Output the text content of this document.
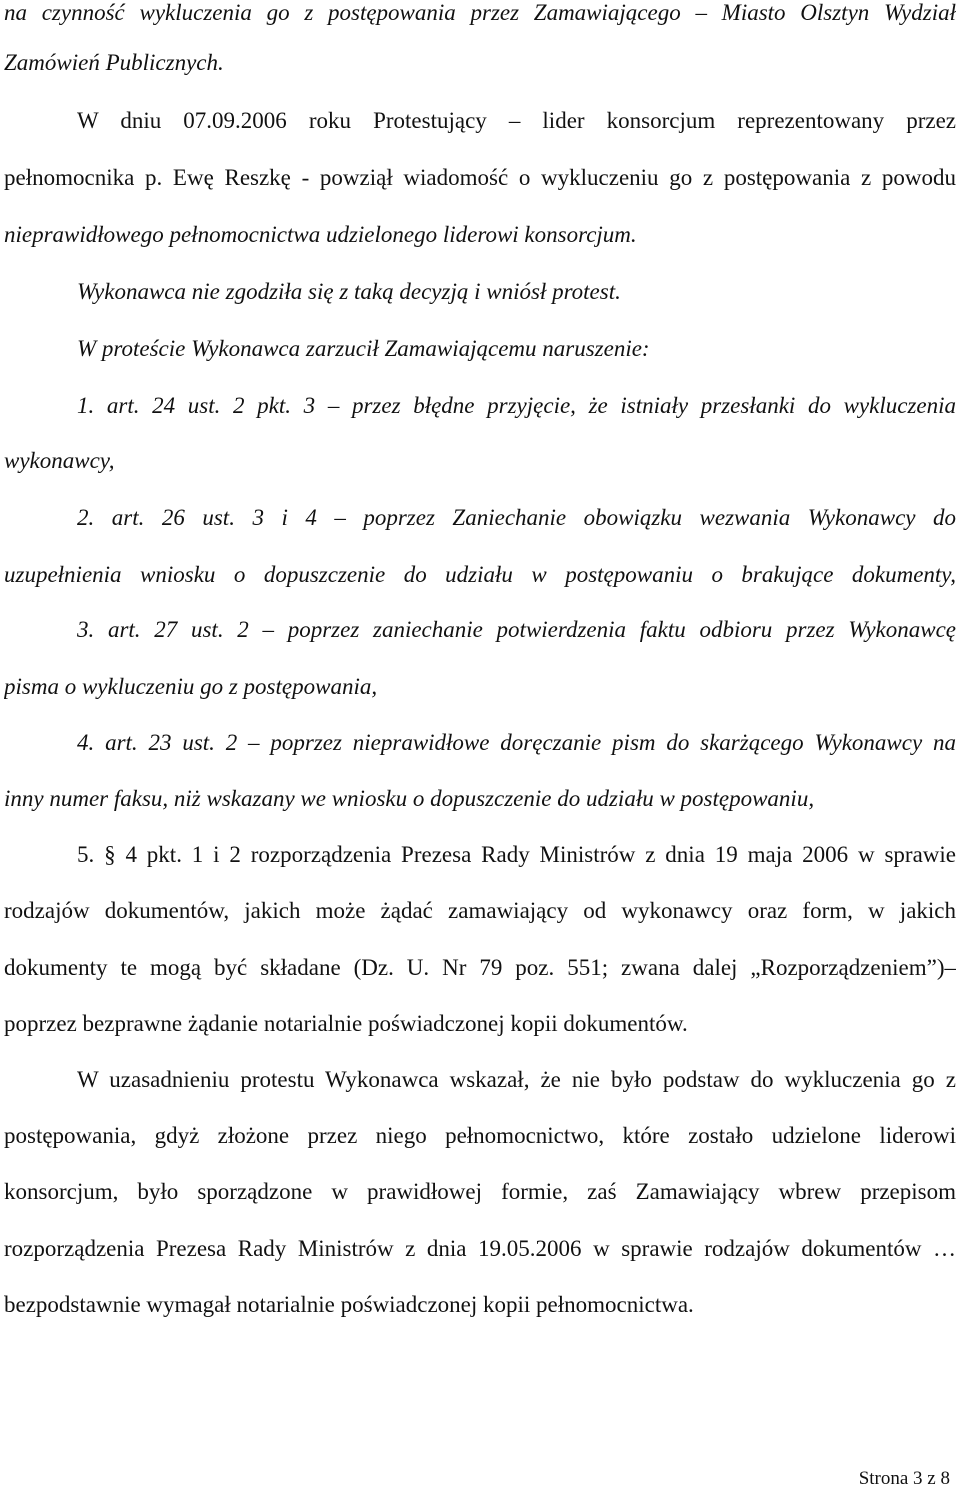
na czynność wykluczenia go z postępowania przez Zamawiającego – Miasto Olsztyn Wydział
Zamówień Publicznych.
W dniu 07.09.2006 roku Protestujący – lider konsorcjum reprezentowany przez
pełnomocnika p. Ewę Reszkę - powziął wiadomość o wykluczeniu go z postępowania z powodu
nieprawidłowego pełnomocnictwa udzielonego liderowi konsorcjum.
Wykonawca nie zgodziła się z taką decyzją i wniósł protest.
W proteście Wykonawca zarzucił Zamawiającemu naruszenie:
1. art. 24 ust. 2 pkt. 3 – przez błędne przyjęcie, że istniały przesłanki do wykluczenia
wykonawcy,
2. art. 26 ust. 3 i 4 – poprzez Zaniechanie obowiązku wezwania Wykonawcy do
uzupełnienia wniosku o dopuszczenie do udziału w postępowaniu o brakujące dokumenty,
3. art. 27 ust. 2 – poprzez zaniechanie potwierdzenia faktu odbioru przez Wykonawcę
pisma o wykluczeniu go z postępowania,
4. art. 23 ust. 2 – poprzez nieprawidłowe doręczanie pism do skarżącego Wykonawcy na
inny numer faksu, niż wskazany we wniosku o dopuszczenie do udziału w postępowaniu,
5. § 4 pkt. 1 i 2 rozporządzenia Prezesa Rady Ministrów z dnia 19 maja 2006 w sprawie
rodzajów dokumentów, jakich może żądać zamawiający od wykonawcy oraz form, w jakich
dokumenty te mogą być składane (Dz. U. Nr 79 poz. 551; zwana dalej „Rozporządzeniem”)–
poprzez bezprawne żądanie notarialnie poświadczonej kopii dokumentów.
W uzasadnieniu protestu Wykonawca wskazał, że nie było podstaw do wykluczenia go z
postępowania, gdyż złożone przez niego pełnomocnictwo, które zostało udzielone liderowi
konsorcjum, było sporządzone w prawidłowej formie, zaś Zamawiający wbrew przepisom
rozporządzenia Prezesa Rady Ministrów z dnia 19.05.2006 w sprawie rodzajów dokumentów …
bezpodstawnie wymagał notarialnie poświadczonej kopii pełnomocnictwa.
Strona 3 z 8
